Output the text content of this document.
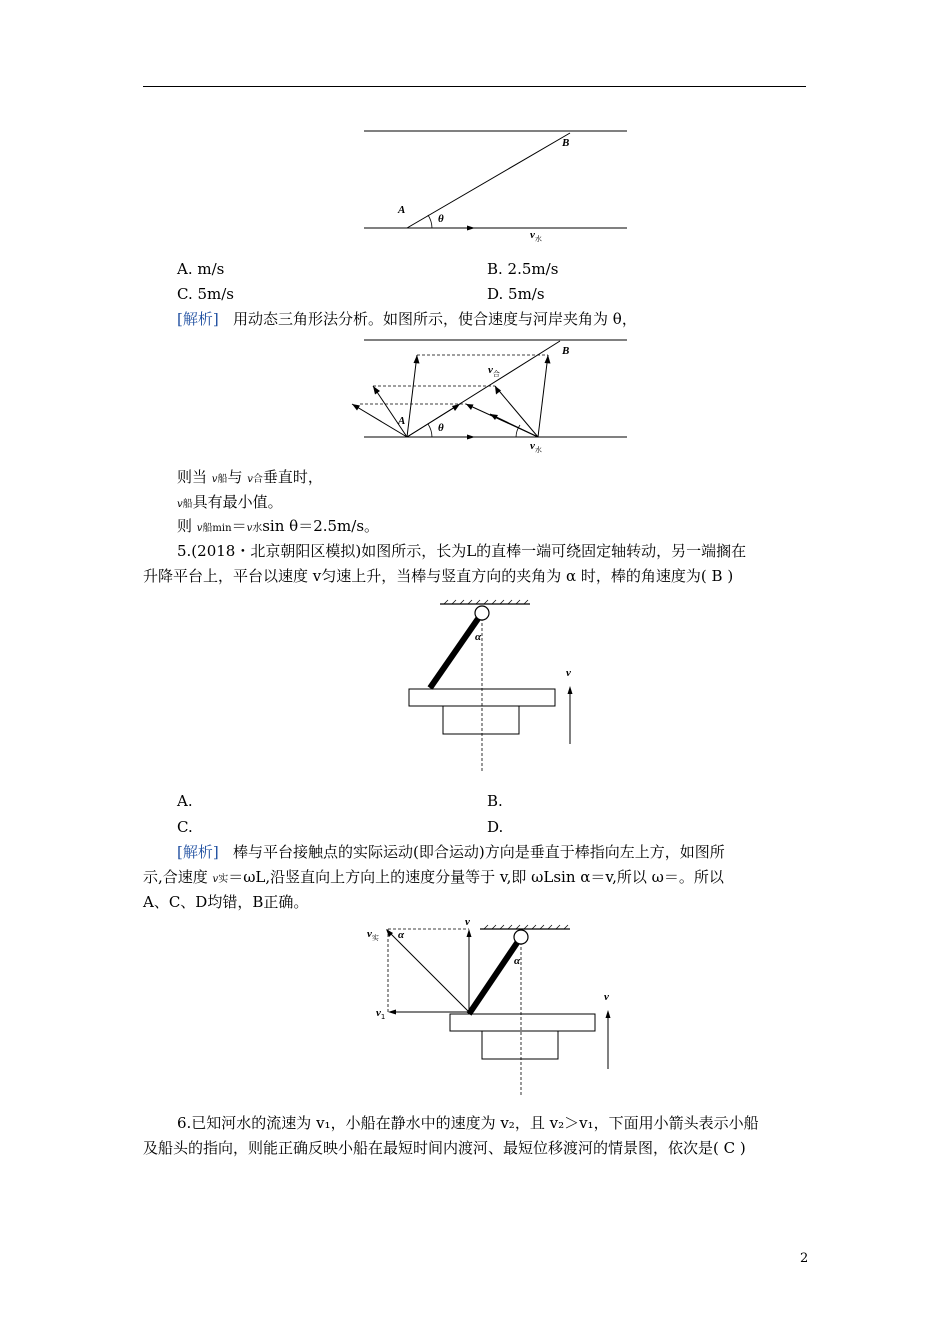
A
B
θ
$v_水$
A. m/s	B. 2.5m/s
C. 5m/s	D. 5m/s
[解析] 用动态三角形法分析。如图所示，使合速度与河岸夹角为 θ，
A
B
θ
$v_合$
$v_水$
则当 v船与 v合垂直时，
v船具有最小值。
则 v船min＝v水sin θ＝2.5m/s。
5.(2018・北京朝阳区模拟)如图所示，长为L的直棒一端可绕固定轴转动，另一端搁在
升降平台上，平台以速度 v匀速上升，当棒与竖直方向的夹角为 α 时，棒的角速度为( B )
α
v
A.	B.
C.	D.
[解析] 棒与平台接触点的实际运动(即合运动)方向是垂直于棒指向左上方，如图所
示,合速度 v实＝ωL,沿竖直向上方向上的速度分量等于 v,即 ωLsin α＝v,所以 ω＝。所以
A、C、D均错，B正确。
$v_实$ α
v
α
v
$v_1$
6.已知河水的流速为 v₁，小船在静水中的速度为 v₂，且 v₂＞v₁，下面用小箭头表示小船
及船头的指向，则能正确反映小船在最短时间内渡河、最短位移渡河的情景图，依次是( C )
2
